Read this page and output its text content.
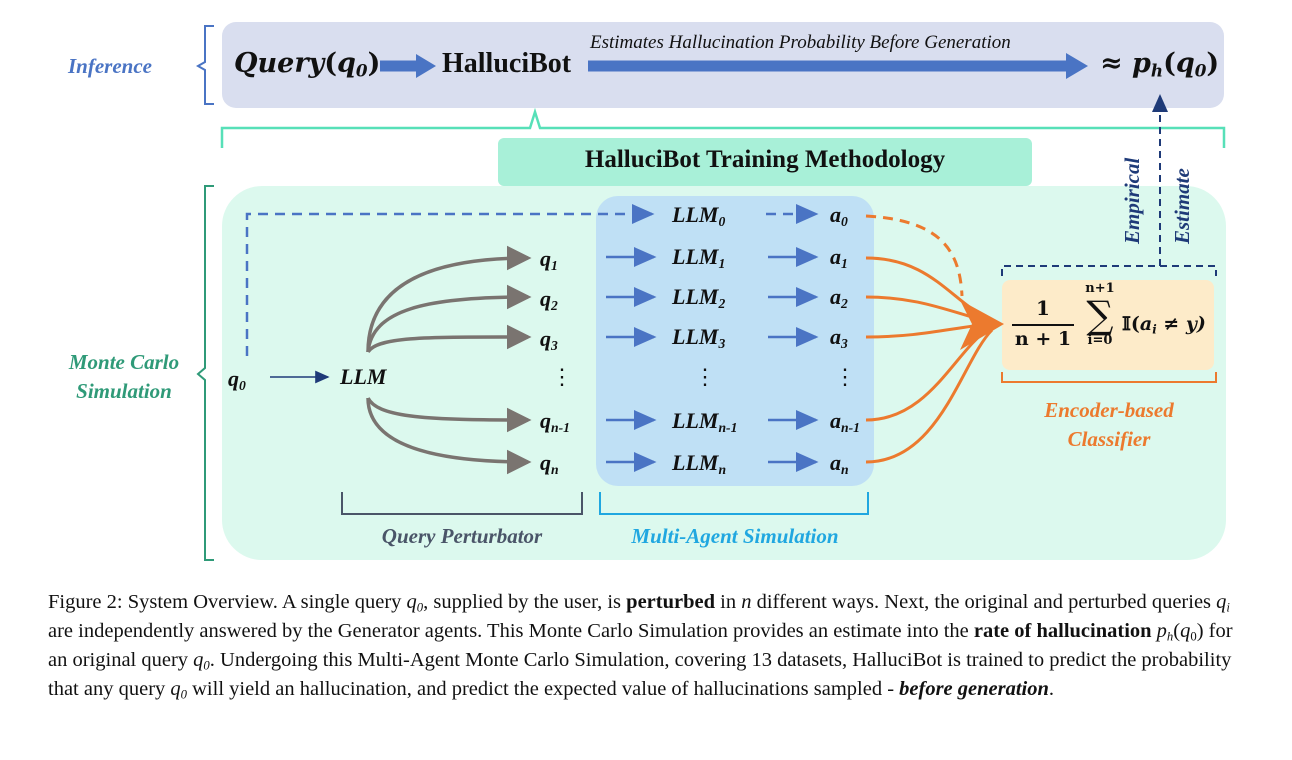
Inference	$Query(q_0)$ HalluciBot
Estimates Hallucination Probability Before Generation
≈ $p_h(q_0)$
HalluciBot Training Methodology	Empirical Estimate
Monte Carlo
Simulation	$q_0$	LLM
$q_1$
$q_2$
$q_3$
⋮
$q_{n-1}$
$q_n$
$LLM_0$
$LLM_1$
$LLM_2$
$LLM_3$
⋮
$LLM_{n-1}$
$LLM_n$
$a_0$
$a_1$
$a_2$
$a_3$
⋮
$a_{n-1}$
$a_n$
1
n + 1
n+1
∑
i=0
$𝕀(a_i \ne y)$
Query Perturbator	Multi-Agent Simulation
Encoder-based
Classifier
Figure 2: System Overview. A single query $q_0$, supplied by the user, is perturbed in n different ways. Next, the original and perturbed queries $q_i$ are independently answered by the Generator agents. This Monte Carlo Simulation provides an estimate into the rate of hallucination $p_h(q_0)$ for an original query $q_0$. Undergoing this Multi-Agent Monte Carlo Simulation, covering 13 datasets, HalluciBot is trained to predict the probability that any query $q_0$ will yield an hallucination, and predict the expected value of hallucinations sampled - before generation.
